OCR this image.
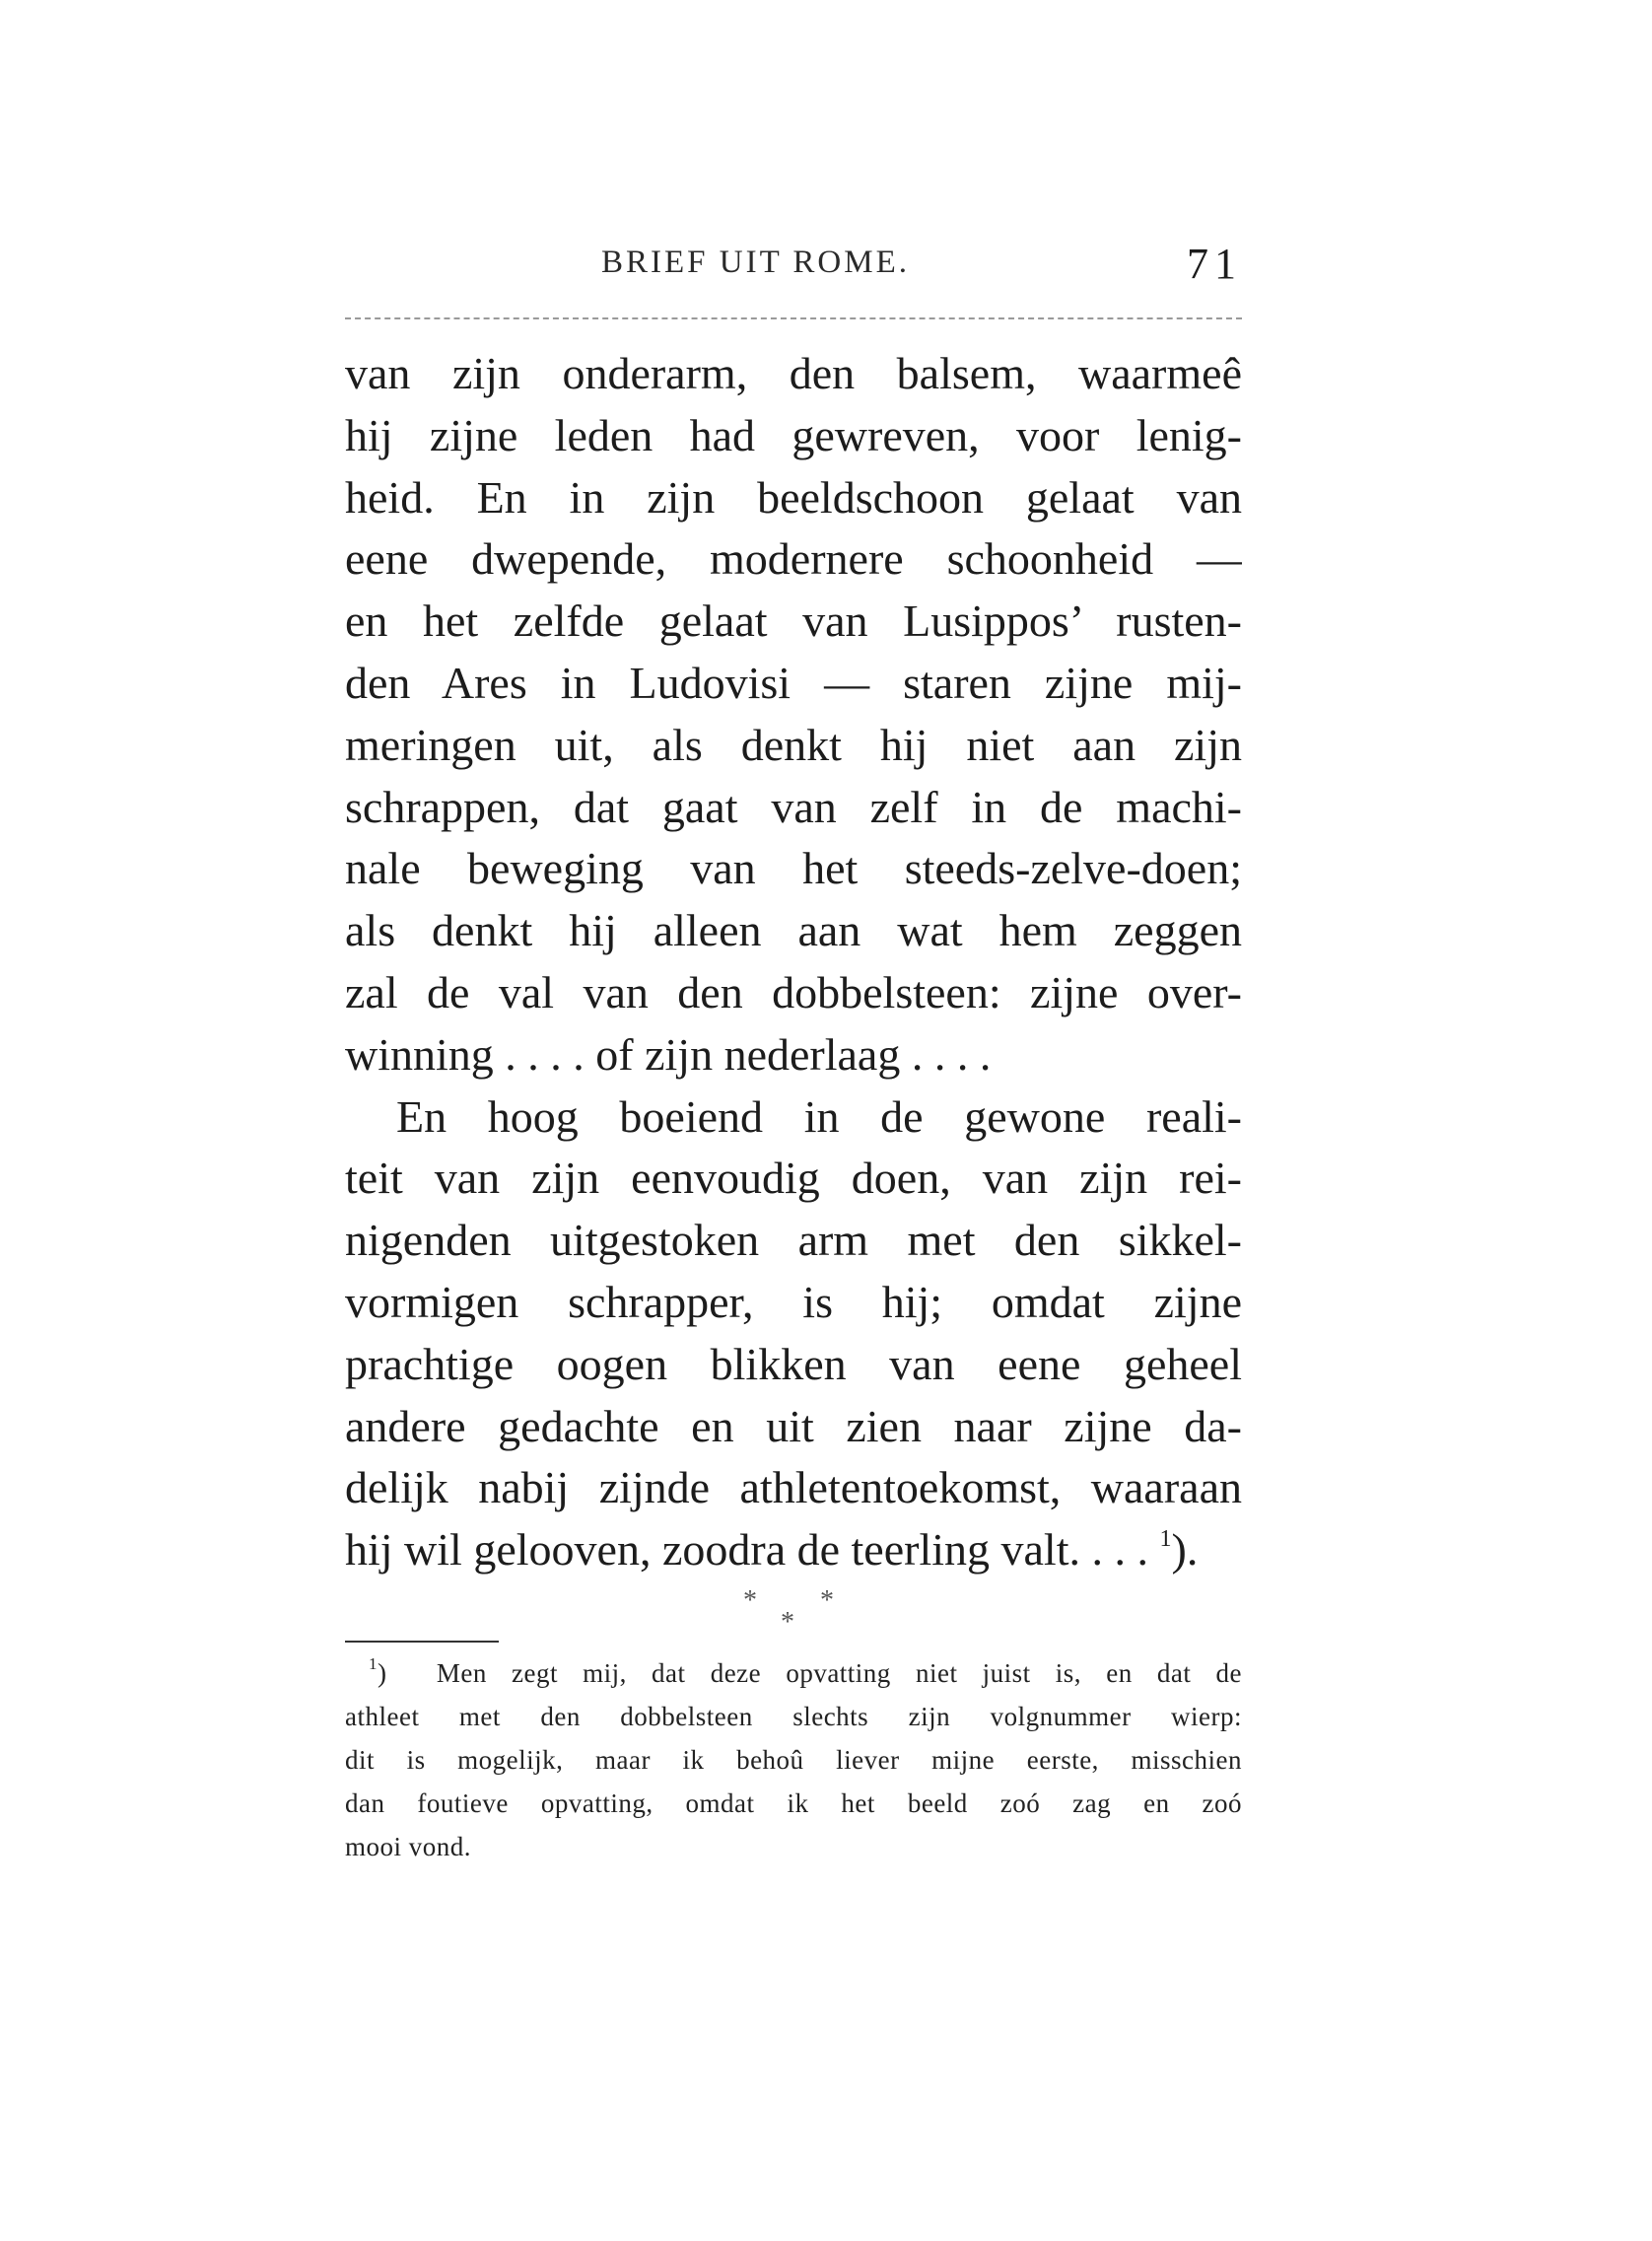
BRIEF UIT ROME.	71
van zijn onderarm, den balsem, waarmeê
hij zijne leden had gewreven, voor lenig-
heid. En in zijn beeldschoon gelaat van
eene dwepende, modernere schoonheid —
en het zelfde gelaat van Lusippos’ rusten-
den Ares in Ludovisi — staren zijne mij-
meringen uit, als denkt hij niet aan zijn
schrappen, dat gaat van zelf in de machi-
nale beweging van het steeds-zelve-doen;
als denkt hij alleen aan wat hem zeggen
zal de val van den dobbelsteen: zijne over-
winning . . . . of zijn nederlaag . . . .
En hoog boeiend in de gewone reali-
teit van zijn eenvoudig doen, van zijn rei-
nigenden uitgestoken arm met den sikkel-
vormigen schrapper, is hij; omdat zijne
prachtige oogen blikken van eene geheel
andere gedachte en uit zien naar zijne da-
delijk nabij zijnde athletentoekomst, waaraan
hij wil gelooven, zoodra de teerling valt. . . . $^1$).
* *
*
$^1$) Men zegt mij, dat deze opvatting niet juist is, en dat de
athleet met den dobbelsteen slechts zijn volgnummer wierp:
dit is mogelijk, maar ik behoû liever mijne eerste, misschien
dan foutieve opvatting, omdat ik het beeld zoó zag en zoó
mooi vond.
